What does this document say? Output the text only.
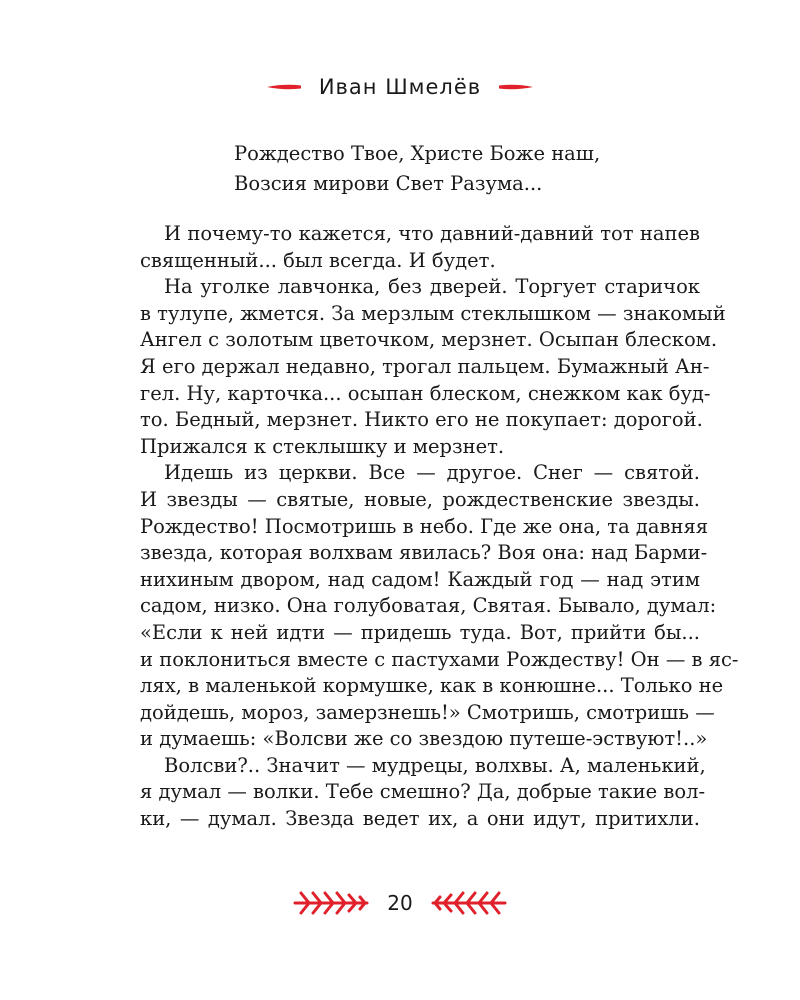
Иван Шмелёв
Рождество Твое, Христе Боже наш,
Возсия мирови Свет Разума...
И почему-то кажется, что давний-давний тот напев
священный... был всегда. И будет.
На уголке лавчонка, без дверей. Торгует старичок
в тулупе, жмется. За мерзлым стеклышком — знакомый
Ангел с золотым цветочком, мерзнет. Осыпан блеском.
Я его держал недавно, трогал пальцем. Бумажный Ан-
гел. Ну, карточка... осыпан блеском, снежком как буд-
то. Бедный, мерзнет. Никто его не покупает: дорогой.
Прижался к стеклышку и мерзнет.
Идешь из церкви. Все — другое. Снег — святой.
И звезды — святые, новые, рождественские звезды.
Рождество! Посмотришь в небо. Где же она, та давняя
звезда, которая волхвам явилась? Воя она: над Барми-
нихиным двором, над садом! Каждый год — над этим
садом, низко. Она голубоватая, Святая. Бывало, думал:
«Если к ней идти — придешь туда. Вот, прийти бы...
и поклониться вместе с пастухами Рождеству! Он — в яс-
лях, в маленькой кормушке, как в конюшне... Только не
дойдешь, мороз, замерзнешь!» Смотришь, смотришь —
и думаешь: «Волсви же со звездою путеше-эствуют!..»
Волсви?.. Значит — мудрецы, волхвы. А, маленький,
я думал — волки. Тебе смешно? Да, добрые такие вол-
ки, — думал. Звезда ведет их, а они идут, притихли.
20
